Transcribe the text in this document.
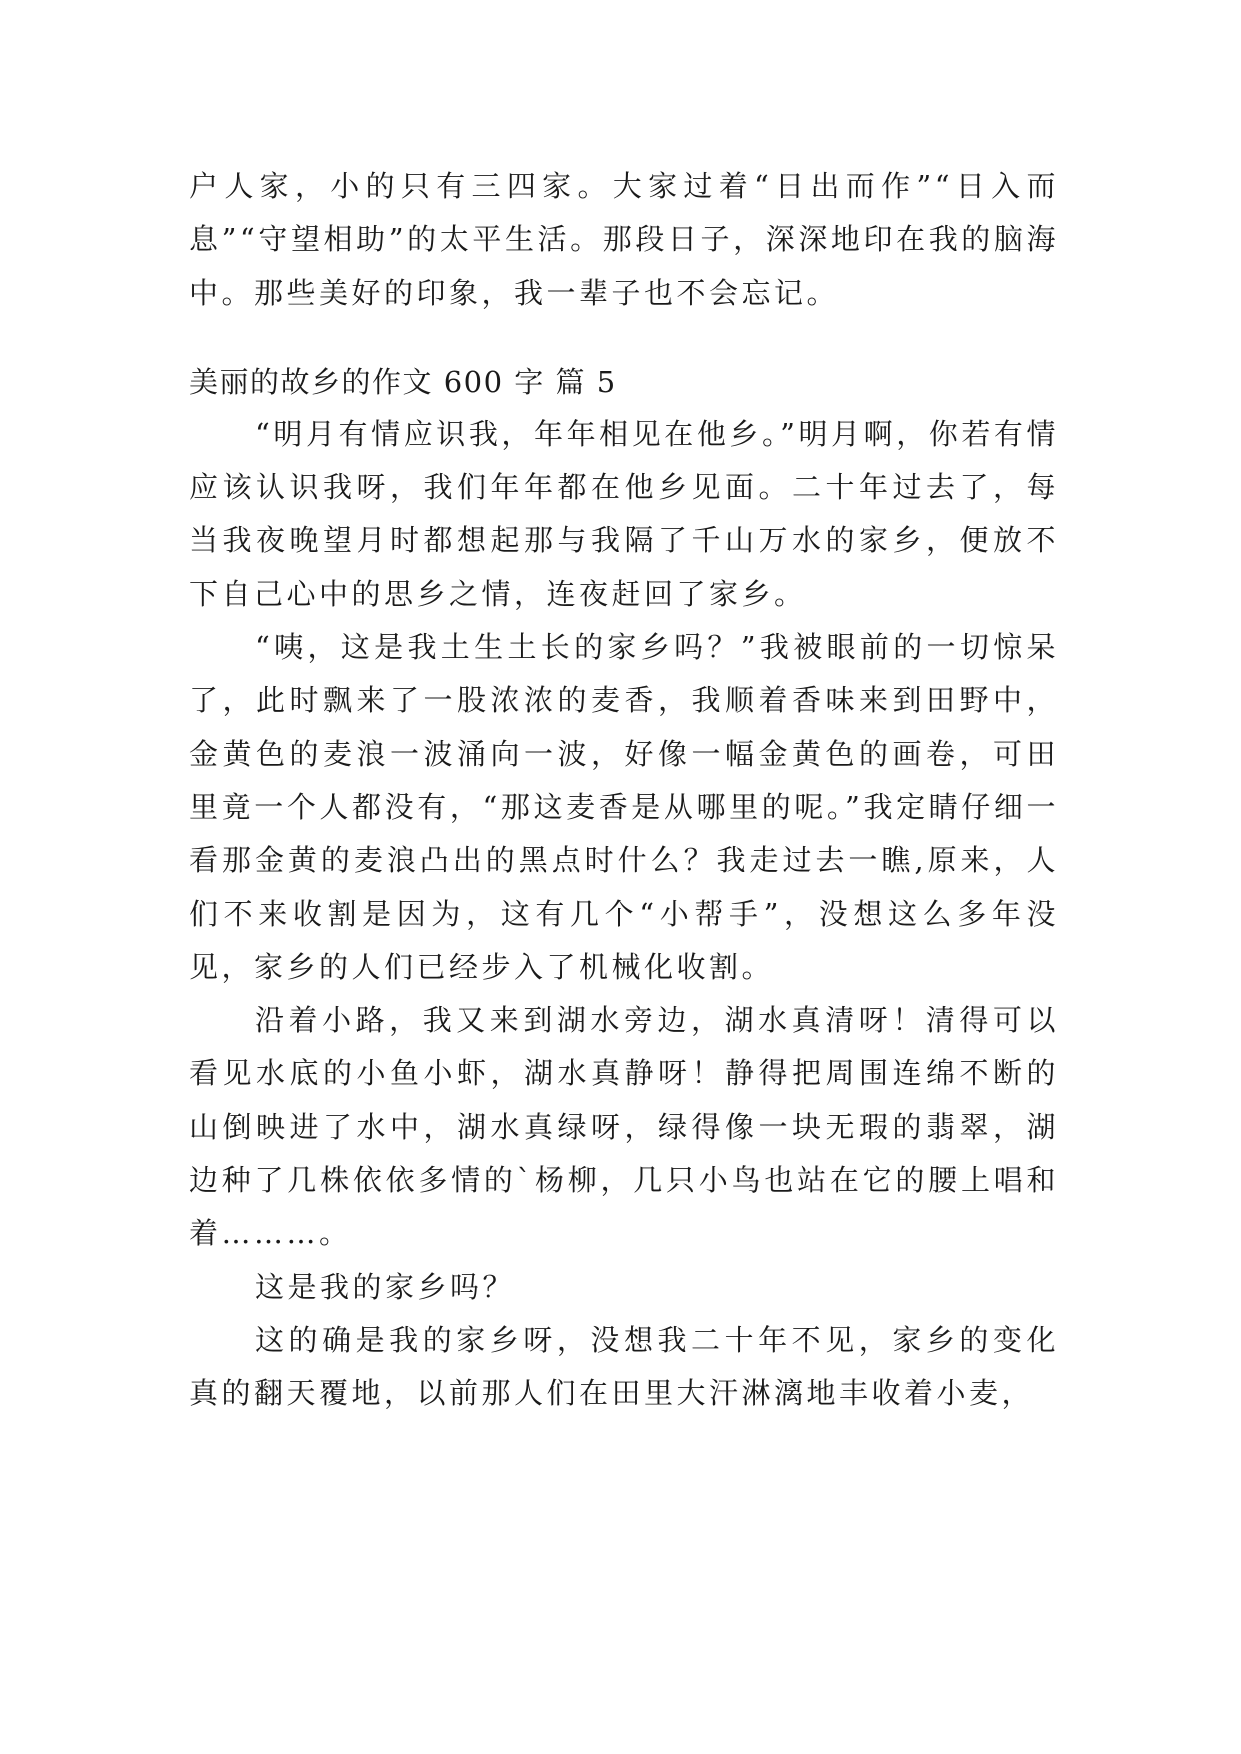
户人家，小的只有三四家。大家过着“日出而作”“日入而息”“守望相助”的太平生活。那段日子，深深地印在我的脑海中。那些美好的印象，我一辈子也不会忘记。

美丽的故乡的作文 600 字 篇 5

“明月有情应识我，年年相见在他乡。”明月啊，你若有情应该认识我呀，我们年年都在他乡见面。二十年过去了，每当我夜晚望月时都想起那与我隔了千山万水的家乡，便放不下自己心中的思乡之情，连夜赶回了家乡。

“咦，这是我土生土长的家乡吗？”我被眼前的一切惊呆了，此时飘来了一股浓浓的麦香，我顺着香味来到田野中，金黄色的麦浪一波涌向一波，好像一幅金黄色的画卷，可田里竟一个人都没有，“那这麦香是从哪里的呢。”我定睛仔细一看那金黄的麦浪凸出的黑点时什么？我走过去一瞧,原来，人们不来收割是因为，这有几个“小帮手”，没想这么多年没见，家乡的人们已经步入了机械化收割。

沿着小路，我又来到湖水旁边，湖水真清呀！清得可以看见水底的小鱼小虾，湖水真静呀！静得把周围连绵不断的山倒映进了水中，湖水真绿呀，绿得像一块无瑕的翡翠，湖边种了几株依依多情的`杨柳，几只小鸟也站在它的腰上唱和着………。

这是我的家乡吗？

这的确是我的家乡呀，没想我二十年不见，家乡的变化真的翻天覆地，以前那人们在田里大汗淋漓地丰收着小麦，
